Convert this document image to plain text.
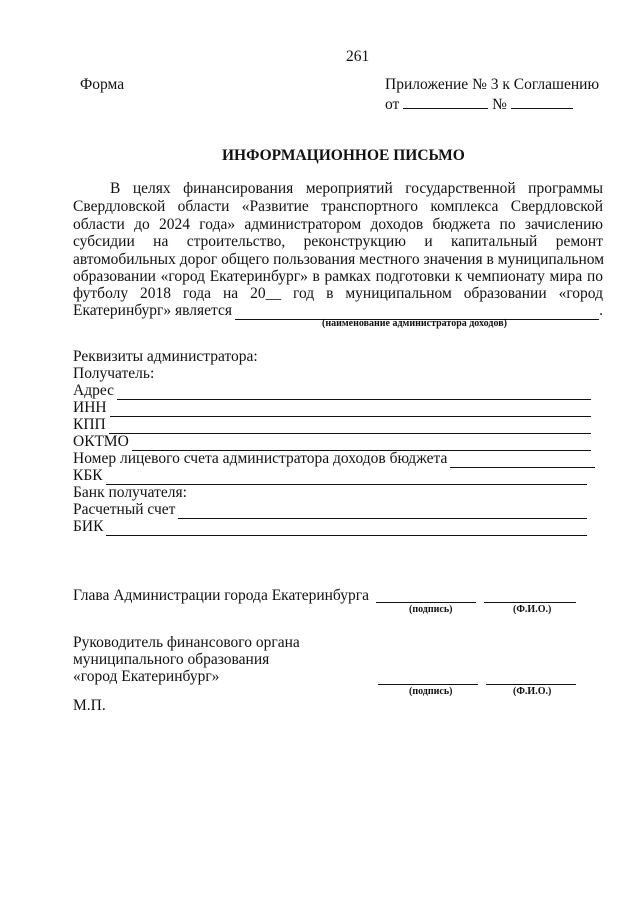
261
Форма	Приложение № 3 к Соглашению
от	№
ИНФОРМАЦИОННОЕ ПИСЬМО
В целях финансирования мероприятий государственной программы
Свердловской области «Развитие транспортного комплекса Свердловской
области до 2024 года» администратором доходов бюджета по зачислению
субсидии на строительство, реконструкцию и капитальный ремонт
автомобильных дорог общего пользования местного значения в муниципальном
образовании «город Екатеринбург» в рамках подготовки к чемпионату мира по
футболу 2018 года на 20__ год в муниципальном образовании «город
Екатеринбург» является	.
(наименование администратора доходов)
Реквизиты администратора:
Получатель:
Адрес
ИНН
КПП
ОКТМО
Номер лицевого счета администратора доходов бюджета
КБК
Банк получателя:
Расчетный счет
БИК
Глава Администрации города Екатеринбурга
(подпись)	(Ф.И.О.)
Руководитель финансового органа
муниципального образования
«город Екатеринбург»
(подпись)	(Ф.И.О.)
М.П.
